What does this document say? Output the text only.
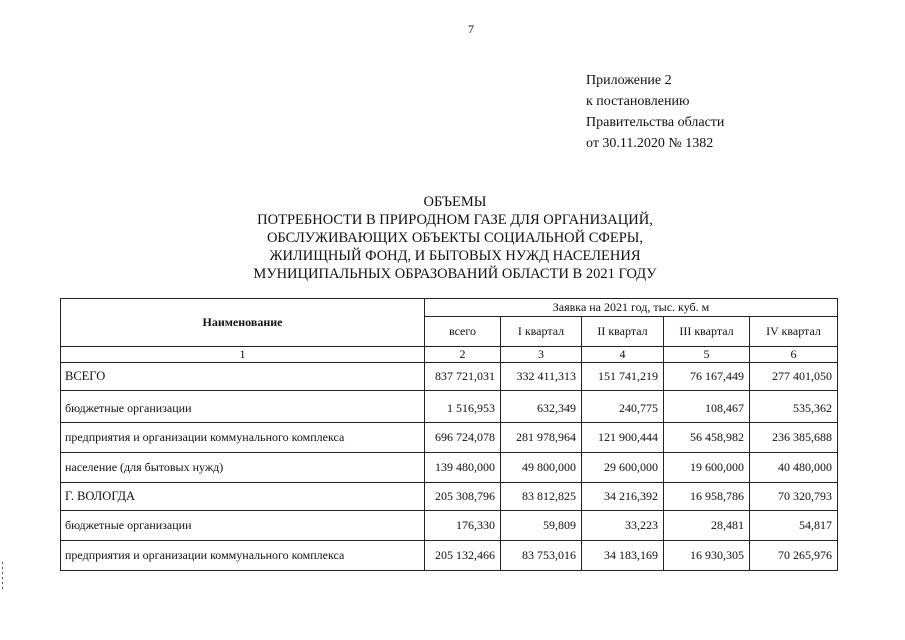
7
Приложение 2
к постановлению
Правительства области
от 30.11.2020 № 1382
ОБЪЕМЫ
ПОТРЕБНОСТИ В ПРИРОДНОМ ГАЗЕ ДЛЯ ОРГАНИЗАЦИЙ,
ОБСЛУЖИВАЮЩИХ ОБЪЕКТЫ СОЦИАЛЬНОЙ СФЕРЫ,
ЖИЛИЩНЫЙ ФОНД, И БЫТОВЫХ НУЖД НАСЕЛЕНИЯ
МУНИЦИПАЛЬНЫХ ОБРАЗОВАНИЙ ОБЛАСТИ В 2021 ГОДУ
Наименование	Заявка на 2021 год, тыс. куб. м				
	всего	I квартал	II квартал	III квартал	IV квартал
1	2	3	4	5	6
ВСЕГО	837 721,031	332 411,313	151 741,219	76 167,449	277 401,050
бюджетные организации	1 516,953	632,349	240,775	108,467	535,362
предприятия и организации коммунального комплекса	696 724,078	281 978,964	121 900,444	56 458,982	236 385,688
население (для бытовых нужд)	139 480,000	49 800,000	29 600,000	19 600,000	40 480,000
Г. ВОЛОГДА	205 308,796	83 812,825	34 216,392	16 958,786	70 320,793
бюджетные организации	176,330	59,809	33,223	28,481	54,817
предприятия и организации коммунального комплекса	205 132,466	83 753,016	34 183,169	16 930,305	70 265,976
